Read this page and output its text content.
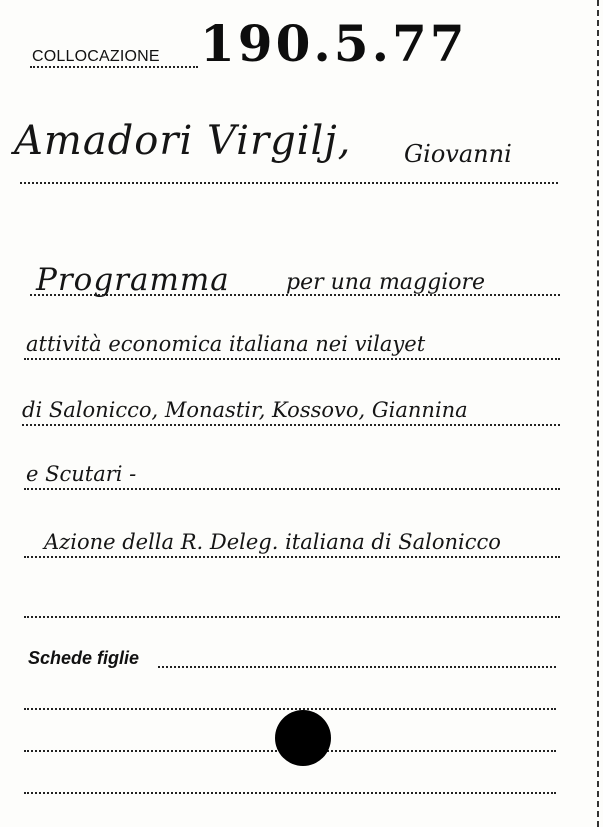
COLLOCAZIONE 190.5.77
Amadori Virgilj, Giovanni
Programma	per una maggiore
attività economica italiana nei vilayet
di Salonicco, Monastir, Kossovo, Giannina
e Scutari -
Azione della R. Deleg. italiana di Salonicco
Schede figlie
